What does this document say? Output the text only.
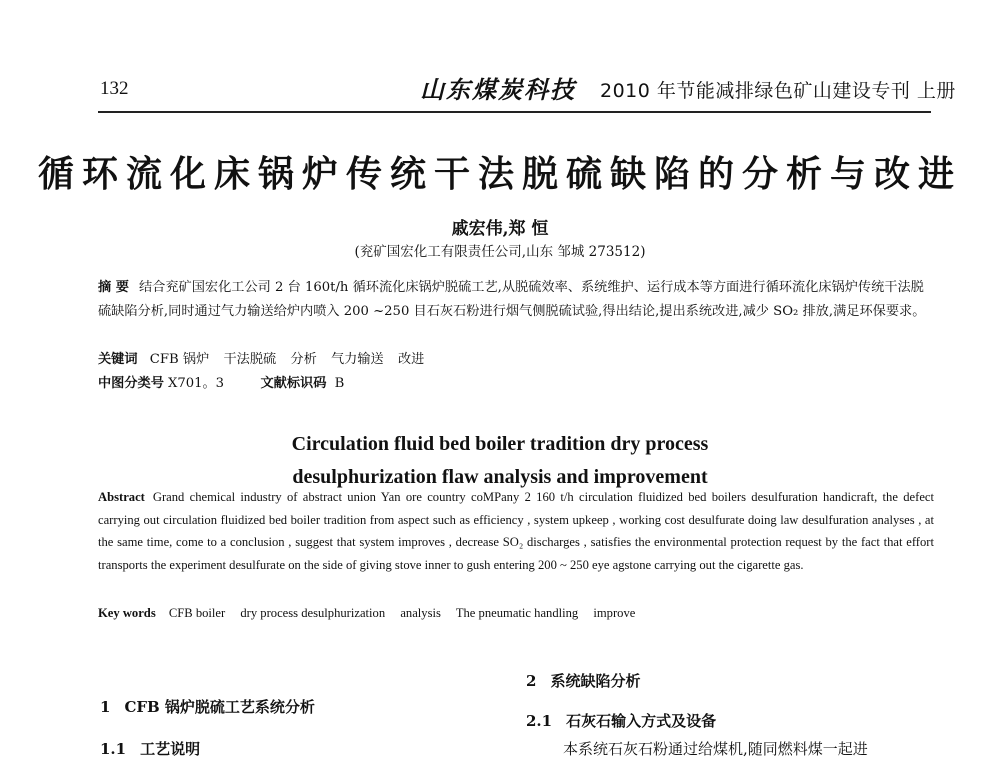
132	山东煤炭科技 2010 年节能减排绿色矿山建设专刊 上册
循环流化床锅炉传统干法脱硫缺陷的分析与改进
戚宏伟,郑 恒
(兖矿国宏化工有限责任公司,山东 邹城 273512)
摘 要 结合兖矿国宏化工公司 2 台 160t/h 循环流化床锅炉脱硫工艺,从脱硫效率、系统维护、运行成本等方面进行循环流化床锅炉传统干法脱硫缺陷分析,同时通过气力输送给炉内喷入 200 ~250 目石灰石粉进行烟气侧脱硫试验,得出结论,提出系统改进,减少 SO₂ 排放,满足环保要求。
关键词 CFB 锅炉 干法脱硫 分析 气力输送 改进
中图分类号 X701。3	文献标识码 B
Circulation fluid bed boiler tradition dry process
desulphurization flaw analysis and improvement
Abstract Grand chemical industry of abstract union Yan ore country coMPany 2 160 t/h circulation fluidized bed boilers desulfuration handicraft, the defect carrying out circulation fluidized bed boiler tradition from aspect such as efficiency , system upkeep , working cost desulfurate doing law desulfuration analyses , at the same time, come to a conclusion , suggest that system improves , decrease SO₂ discharges , satisfies the environmental protection request by the fact that effort transports the experiment desulfurate on the side of giving stove inner to gush entering 200 ~ 250 eye agstone carrying out the cigarette gas.
Key words CFB boiler dry process desulphurization analysis The pneumatic handling improve
1 CFB 锅炉脱硫工艺系统分析
1.1 工艺说明
2 系统缺陷分析
2.1 石灰石输入方式及设备
本系统石灰石粉通过给煤机,随同燃料煤一起进
